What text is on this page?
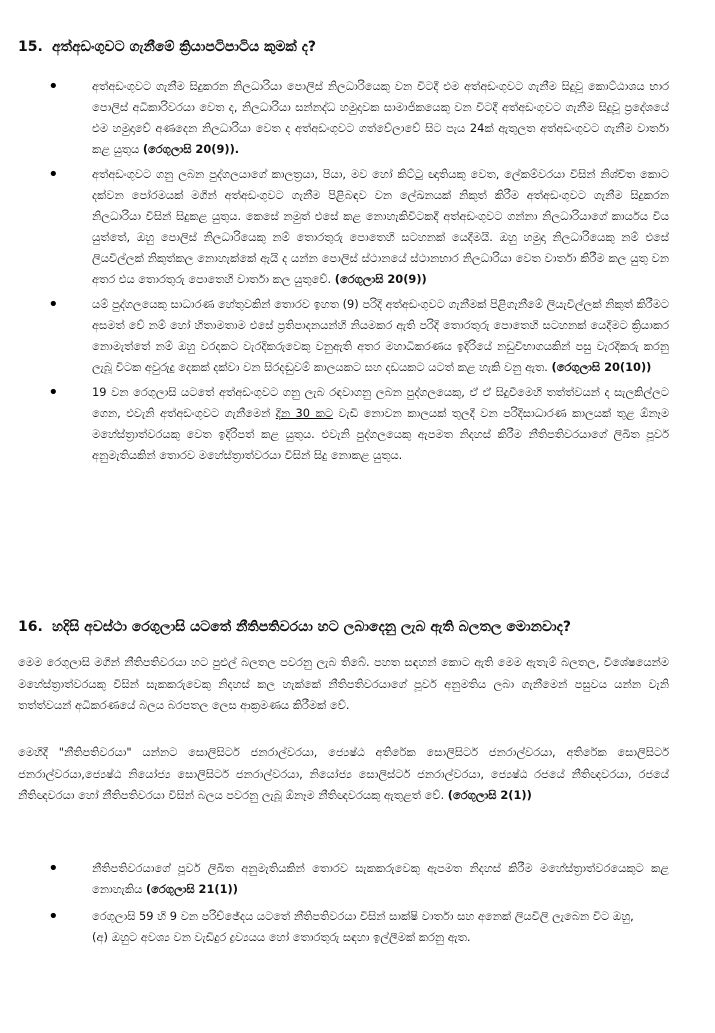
15. අත්අඩංගුවට ගැනීමේ ක්‍රියාපටිපාටිය කුමක් ද?

• අත්අඩංගුවට ගැනීම සිදුකරන නිලධාරියා පොලිස් නිලධාරියෙකු වන විටදී එම අත්අඩංගුවට ගැනීම සිදුවූ කොට්ඨාශය භාර පොලිස් අධිකාරිවරයා වෙත ද, නිලධාරියා සන්නද්ධ හමුදාවක සාමාජිකයෙකු වන විටදී අත්අඩංගුවට ගැනීම සිදුවූ ප්‍රදේශයේ එම හමුදාවේ අණදෙන නිලධාරියා වෙත ද අත්අඩංගුවට ගත්වේලාවේ සිට පැය 24ක් ඇතුලත අත්අඩංගුවට ගැනීම වාර්තා කළ යුතුය (රෙගුලාසි 20(9)).
• අත්අඩංගුවට ගනු ලබන පුද්ගලයාගේ කාලත්‍රයා, පියා, මව හෝ කිට්ටු ඥාතියකු වෙත, ලේකම්වරයා විසින් නිශ්චිත කොට දක්වන පෝරමයක් මගින් අත්අඩංගුවට ගැනීම පිළිබඳව වන ලේඛනයක් නිකුත් කිරීම අත්අඩංගුවට ගැනීම සිදුකරන නිලධාරියා විසින් සිදුකළ යුතුය. කෙසේ නමුත් එසේ කළ නොහැකිවිටකදී අත්අඩංගුවට ගන්නා නිලධාරියාගේ කාර්යය විය යුත්තේ, ඔහු පොලිස් නිලධාරියෙකු නම් තොරතුරු පොතෙහි සටහනක් යෙදීමයි. ඔහු හමුදා නිලධාරියෙකු නම් එසේ ලියවිල්ලක් නිකුත්කල නොහැක්කේ ඇයි ද යන්න පොලිස් ස්ථානයේ ස්ථානභාර නිලධාරියා වෙත වාර්තා කිරීම කල යුතු වන අතර එය තොරතුරු පොතෙහි වාර්තා කල යුතුවේ. (රෙගුලාසි 20(9))
• යම් පුද්ගලයෙකු සාධාරණ හේතුවකින් තොරව ඉහත (9) පරිදි අත්අඩංගුවට ගැනීමක් පිළිගැනීමේ ලියැවිල්ලක් නිකුත් කිරීමට අසමත් වේ නම් හෝ හිතාමතාම එසේ ප්‍රතිපාදනයන්හි නියමකර ඇති පරිදි තොරතුරු පොතෙහි සටහනක් යෙදීමට ක්‍රියාකර නොමැත්තේ නම් ඔහු වරදකට වැරදිකරුවෙකු වනුඇති අතර මහාධිකරණය ඉදිරියේ නඩුවිභාගයකින් පසු වැරදිකරු කරනු ලැබූ විටක අවුරුදු දෙකක් දක්වා වන සිරදඬුවම් කාලයකට සහ දඩයකට යටත් කළ හැකි වනු ඇත. (රෙගුලාසි 20(10))
• 19 වන රෙගුලාසි යටතේ අත්අඩංගුවට ගනු ලැබ රඳවාගනු ලබන පුද්ගලයෙකු, ඒ ඒ සිදුවීමෙහි තත්ත්වයන් ද සැලකිල්ලට ගෙන, එවැනි අත්අඩංගුවට ගැනීමෙන් දින 30 කට වැඩි නොවන කාලයක් තුලදී වන පරිදිසාධාරණ කාලයක් තුළ ඕනෑම මහේස්ත්‍රාත්වරයකු වෙත ඉදිරිපත් කළ යුතුය. එවැනි පුද්ගලයෙකු ඇපමත නිදහස් කිරීම නීතිපතිවරයාගේ ලිඛිත පූර්ව අනුමැතියකින් තොරව මහේස්ත්‍රාත්වරයා විසින් සිදු නොකළ යුතුය.

16. හදිසි අවස්ථා රෙගුලාසි යටතේ නීතිපතිවරයා හට ලබාදෙනු ලැබ ඇති බලතල මොනවාද?

මෙම රෙගුලාසි මගින් නීතිපතිවරයා හට පුළුල් බලතල පවරනු ලැබ තිබේ. පහත සඳහන් කොට ඇති මෙම ඇතැම් බලතල, විශේෂයෙන්ම මහේස්ත්‍රාත්වරයකු විසින් සැකකරුවෙකු නිදහස් කල හැක්කේ නීතිපතිවරයාගේ පූර්ව අනුමතිය ලබා ගැනීමෙන් පසුවය යන්න වැනි තත්ත්වයන් අධිකරණයේ බලය බරපතල ලෙස ආක්‍රමණය කිරීමක් වේ.

මෙහිදී "නීතිපතිවරයා" යන්නට සොලිසිටර් ජනරාල්වරයා, ජ්‍යෙෂ්ඨ අතිරේක සොලිසිටර් ජනරාල්වරයා, අතිරේක සොලිසිටර් ජනරාල්වරයා,ජ්‍යෙෂ්ඨ නියෝජ්‍ය සොලිසිටර් ජනරාල්වරයා, නියෝජ්‍ය සොලිස්ටර් ජනරාල්වරයා, ජ්‍යෙෂ්ඨ රජයේ නීතිඥවරයා, රජයේ නීතිඥවරයා හෝ නීතිපතිවරයා විසින් බලය පවරනු ලැබූ ඕනෑම නීතිඥවරයකු ඇතුළත් වේ. (රෙගුලාසි 2(1))

• නීතිපතිවරයාගේ පූර්ව ලිඛිත අනුමැතියකින් තොරව සැකකරුවෙකු ඇපමත නිදහස් කිරීම මහේස්ත්‍රාත්වරයෙකුට කළ නොහැකිය (රෙගුලාසි 21(1))
• රෙගුලාසි 59 හි 9 වන පරිච්ඡේදය යටතේ නීතිපතිවරයා විසින් සාක්ෂි වාර්තා සහ අනෙක් ලියවිලි ලැබෙන විට ඔහු,
(අ) ඔහුට අවශ්‍ය වන වැඩිදුර ද්‍රව්‍යයය හෝ තොරතුරු සඳහා ඉල්ලීමක් කරනු ඇත.
